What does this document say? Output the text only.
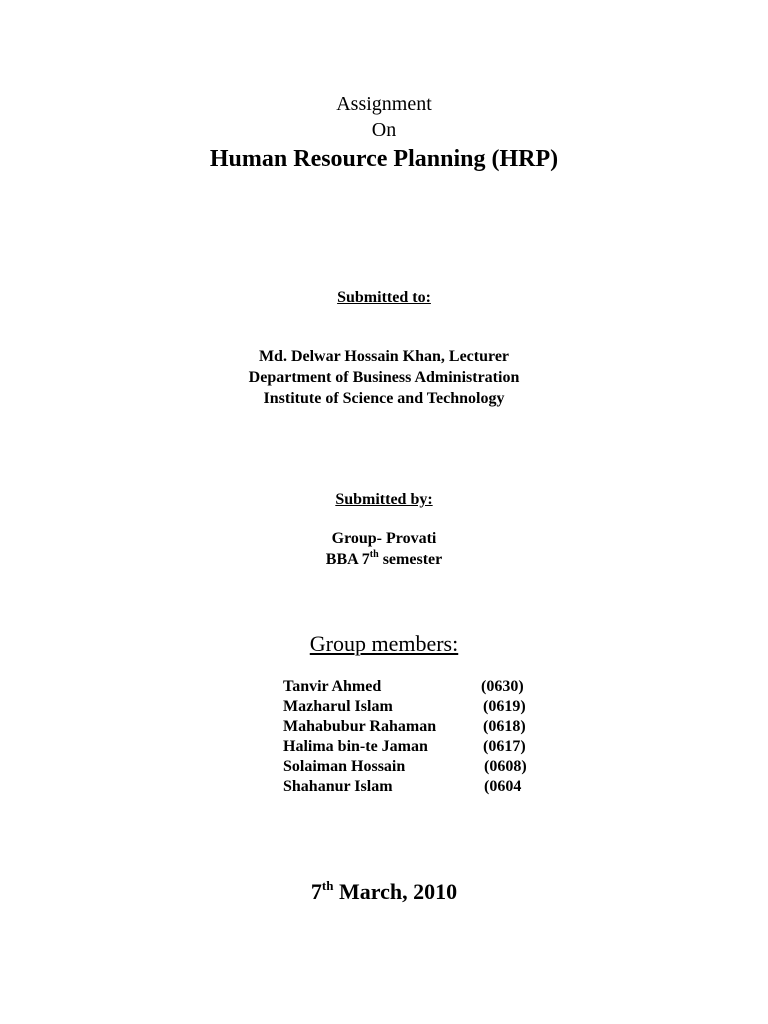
Assignment
On
Human Resource Planning (HRP)
Submitted to:
Md. Delwar Hossain Khan, Lecturer
Department of Business Administration
Institute of Science and Technology
Submitted by:
Group- Provati
BBA 7th semester
Group members:
Tanvir Ahmed	(0630)
Mazharul Islam	(0619)
Mahabubur Rahaman	(0618)
Halima bin-te Jaman	(0617)
Solaiman Hossain	(0608)
Shahanur Islam	(0604
7th March, 2010
